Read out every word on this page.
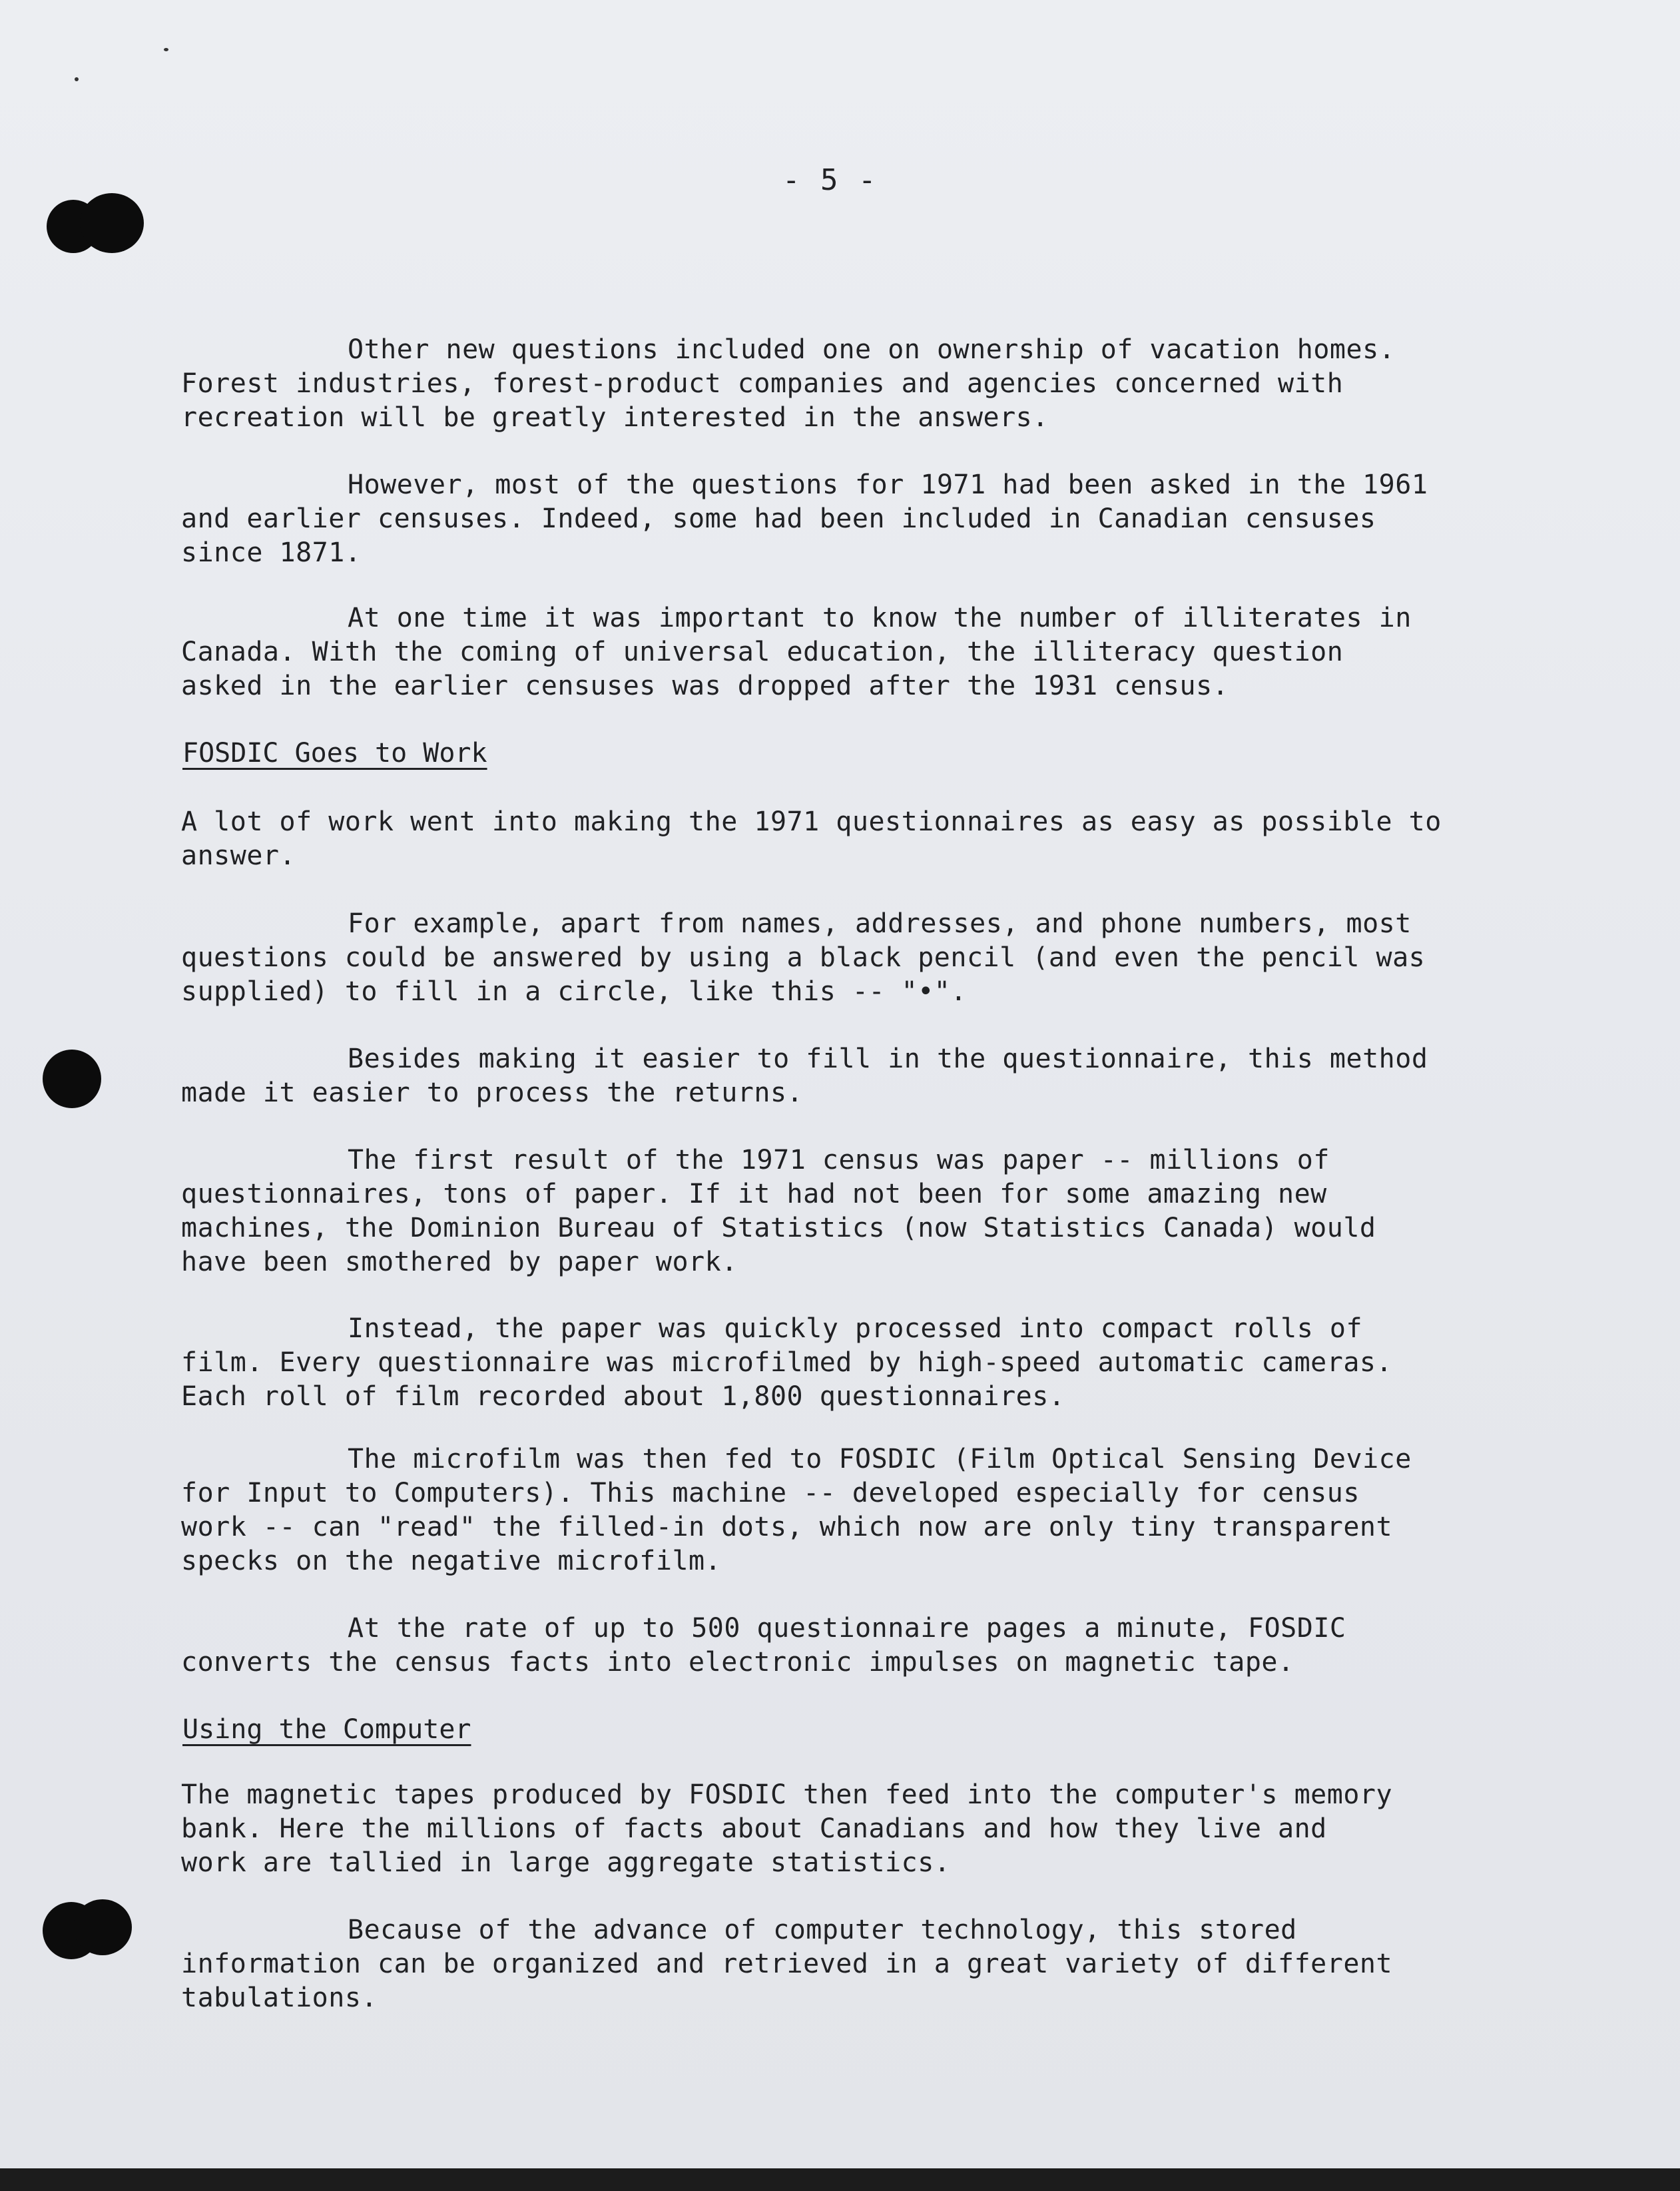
- 5 -
Other new questions included one on ownership of vacation homes.
Forest industries, forest-product companies and agencies concerned with
recreation will be greatly interested in the answers.
However, most of the questions for 1971 had been asked in the 1961
and earlier censuses. Indeed, some had been included in Canadian censuses
since 1871.
At one time it was important to know the number of illiterates in
Canada. With the coming of universal education, the illiteracy question
asked in the earlier censuses was dropped after the 1931 census.
FOSDIC Goes to Work
A lot of work went into making the 1971 questionnaires as easy as possible to
answer.
For example, apart from names, addresses, and phone numbers, most
questions could be answered by using a black pencil (and even the pencil was
supplied) to fill in a circle, like this -- "•".
Besides making it easier to fill in the questionnaire, this method
made it easier to process the returns.
The first result of the 1971 census was paper -- millions of
questionnaires, tons of paper. If it had not been for some amazing new
machines, the Dominion Bureau of Statistics (now Statistics Canada) would
have been smothered by paper work.
Instead, the paper was quickly processed into compact rolls of
film. Every questionnaire was microfilmed by high-speed automatic cameras.
Each roll of film recorded about 1,800 questionnaires.
The microfilm was then fed to FOSDIC (Film Optical Sensing Device
for Input to Computers). This machine -- developed especially for census
work -- can "read" the filled-in dots, which now are only tiny transparent
specks on the negative microfilm.
At the rate of up to 500 questionnaire pages a minute, FOSDIC
converts the census facts into electronic impulses on magnetic tape.
Using the Computer
The magnetic tapes produced by FOSDIC then feed into the computer's memory
bank. Here the millions of facts about Canadians and how they live and
work are tallied in large aggregate statistics.
Because of the advance of computer technology, this stored
information can be organized and retrieved in a great variety of different
tabulations.
